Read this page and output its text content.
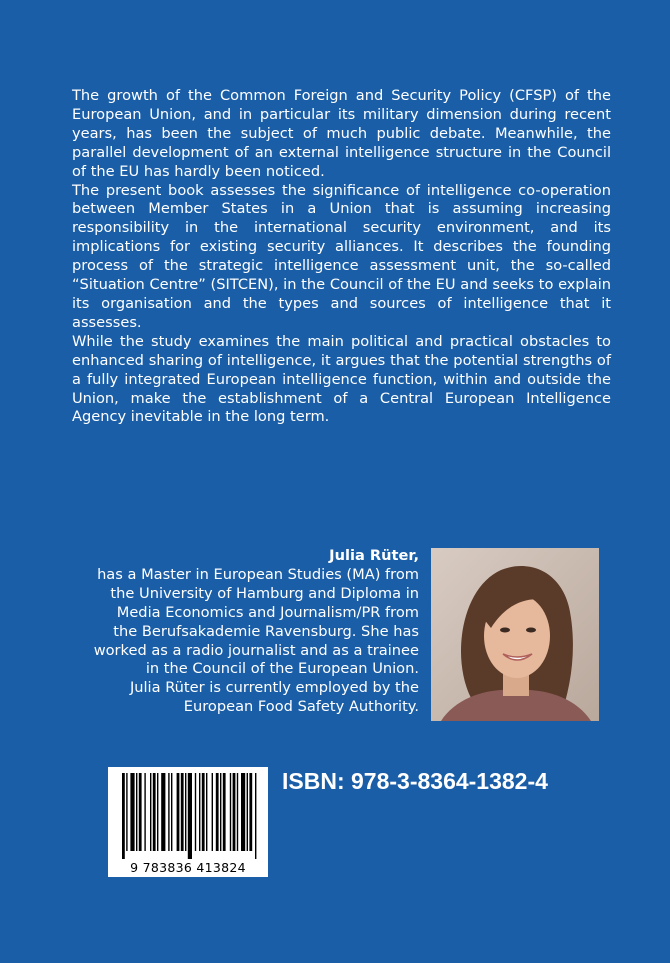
The growth of the Common Foreign and Security Policy (CFSP) of the European Union, and in particular its military dimension during recent years, has been the subject of much public debate. Meanwhile, the parallel development of an external intelligence structure in the Council of the EU has hardly been noticed.

The present book assesses the significance of intelligence co-operation between Member States in a Union that is assuming increasing responsibility in the international security environment, and its implications for existing security alliances. It describes the founding process of the strategic intelligence assessment unit, the so-called “Situation Centre” (SITCEN), in the Council of the EU and seeks to explain its organisation and the types and sources of intelligence that it assesses.

While the study examines the main political and practical obstacles to enhanced sharing of intelligence, it argues that the potential strengths of a fully integrated European intelligence function, within and outside the Union, make the establishment of a Central European Intelligence Agency inevitable in the long term.

Julia Rüter,

has a Master in European Studies (MA) from the University of Hamburg and Diploma in Media Economics and Journalism/PR from the Berufsakademie Ravensburg. She has worked as a radio journalist and as a trainee in the Council of the European Union.

Julia Rüter is currently employed by the European Food Safety Authority.

9 783836 413824
ISBN: 978-3-8364-1382-4
